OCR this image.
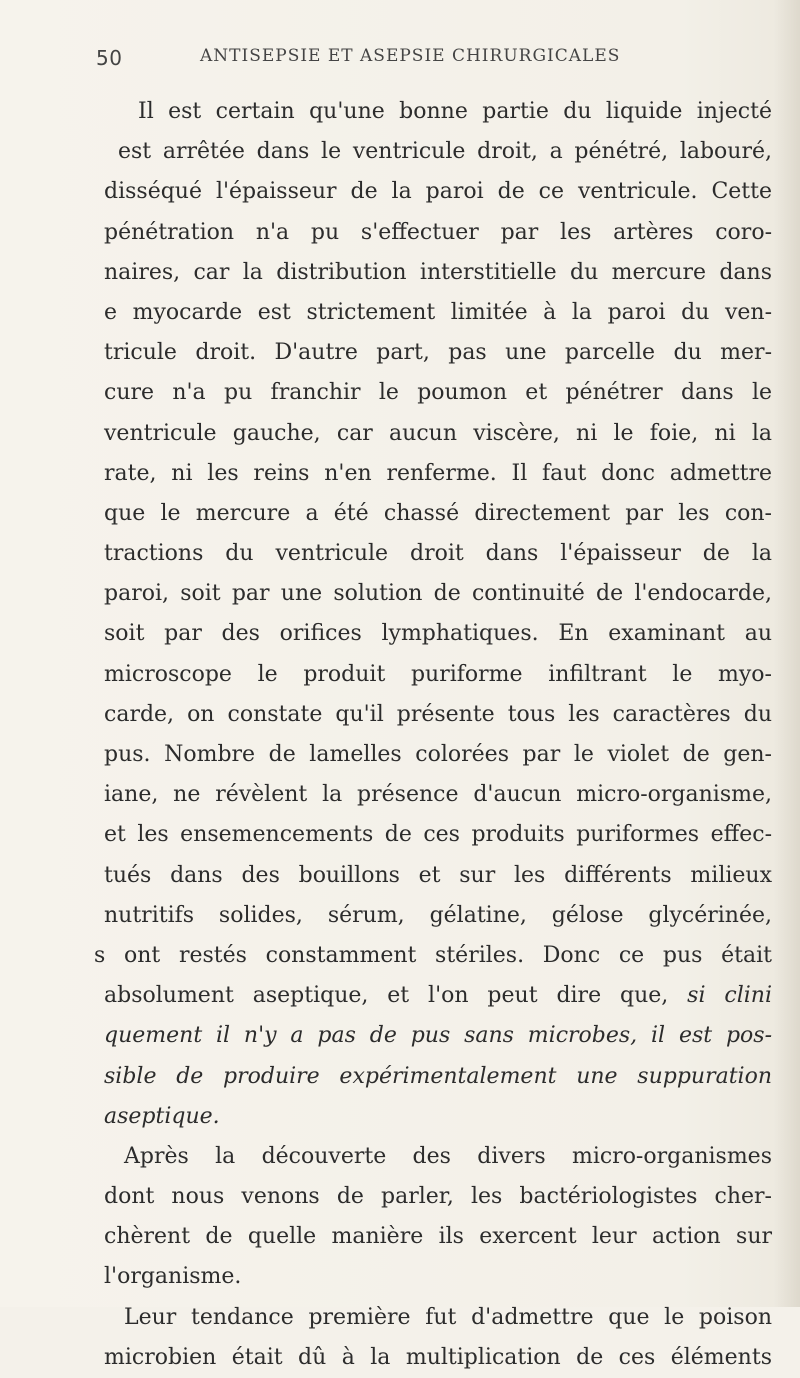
50	ANTISEPSIE ET ASEPSIE CHIRURGICALES
Il est certain qu'une bonne partie du liquide injecté
est arrêtée dans le ventricule droit, a pénétré, labouré,
disséqué l'épaisseur de la paroi de ce ventricule. Cette
pénétration n'a pu s'effectuer par les artères coro-
naires, car la distribution interstitielle du mercure dans
e myocarde est strictement limitée à la paroi du ven-
tricule droit. D'autre part, pas une parcelle du mer-
cure n'a pu franchir le poumon et pénétrer dans le
ventricule gauche, car aucun viscère, ni le foie, ni la
rate, ni les reins n'en renferme. Il faut donc admettre
que le mercure a été chassé directement par les con-
tractions du ventricule droit dans l'épaisseur de la
paroi, soit par une solution de continuité de l'endocarde,
soit par des orifices lymphatiques. En examinant au
microscope le produit puriforme infiltrant le myo-
carde, on constate qu'il présente tous les caractères du
pus. Nombre de lamelles colorées par le violet de gen-
iane, ne révèlent la présence d'aucun micro-organisme,
et les ensemencements de ces produits puriformes effec-
tués dans des bouillons et sur les différents milieux
nutritifs solides, sérum, gélatine, gélose glycérinée,
s ont restés constamment stériles. Donc ce pus était
absolument aseptique, et l'on peut dire que, si clini
quement il n'y a pas de pus sans microbes, il est pos-
sible de produire expérimentalement une suppuration
aseptique.
Après la découverte des divers micro-organismes
dont nous venons de parler, les bactériologistes cher-
chèrent de quelle manière ils exercent leur action sur
l'organisme.
Leur tendance première fut d'admettre que le poison
microbien était dû à la multiplication de ces éléments
